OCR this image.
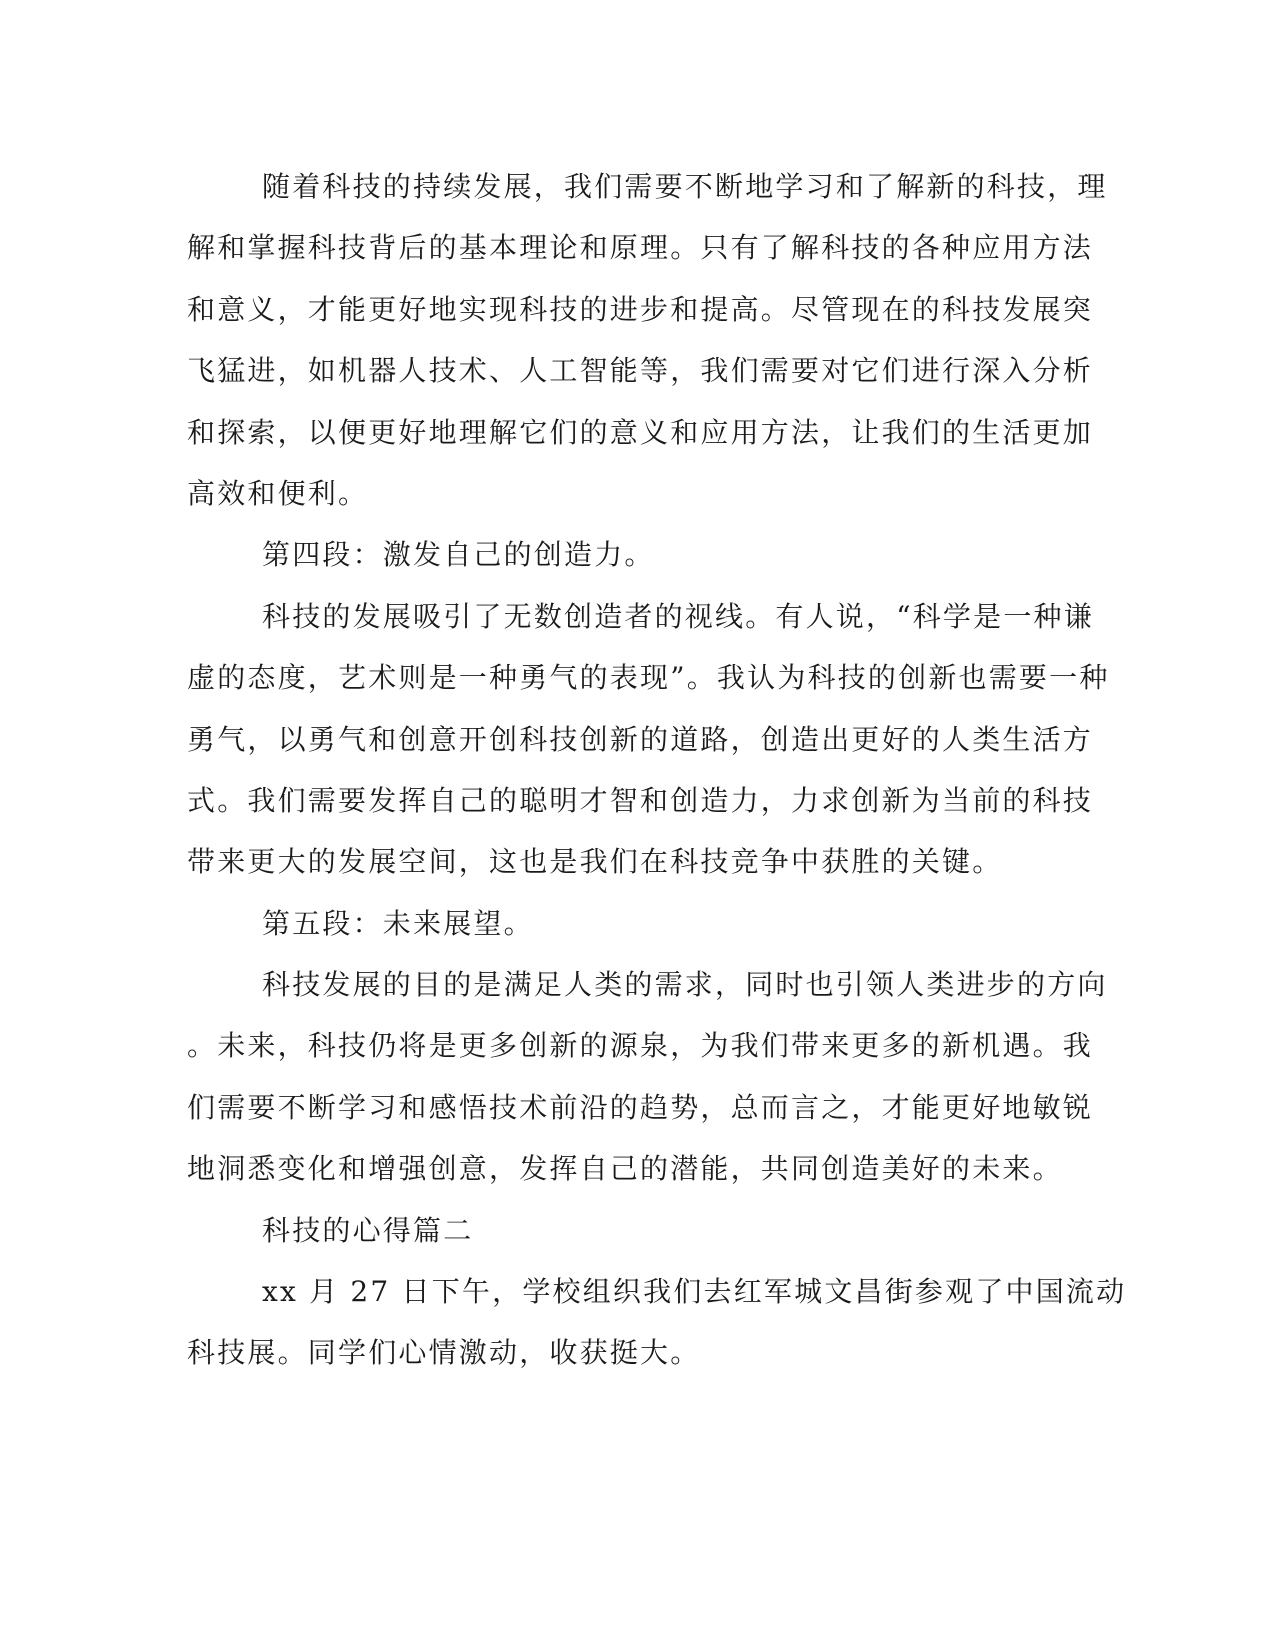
随着科技的持续发展，我们需要不断地学习和了解新的科技，理
解和掌握科技背后的基本理论和原理。只有了解科技的各种应用方法
和意义，才能更好地实现科技的进步和提高。尽管现在的科技发展突
飞猛进，如机器人技术、人工智能等，我们需要对它们进行深入分析
和探索，以便更好地理解它们的意义和应用方法，让我们的生活更加
高效和便利。
第四段：激发自己的创造力。
科技的发展吸引了无数创造者的视线。有人说，“科学是一种谦
虚的态度，艺术则是一种勇气的表现”。我认为科技的创新也需要一种
勇气，以勇气和创意开创科技创新的道路，创造出更好的人类生活方
式。我们需要发挥自己的聪明才智和创造力，力求创新为当前的科技
带来更大的发展空间，这也是我们在科技竞争中获胜的关键。
第五段：未来展望。
科技发展的目的是满足人类的需求，同时也引领人类进步的方向
。未来，科技仍将是更多创新的源泉，为我们带来更多的新机遇。我
们需要不断学习和感悟技术前沿的趋势，总而言之，才能更好地敏锐
地洞悉变化和增强创意，发挥自己的潜能，共同创造美好的未来。
科技的心得篇二
xx 月 27 日下午，学校组织我们去红军城文昌街参观了中国流动
科技展。同学们心情激动，收获挺大。
